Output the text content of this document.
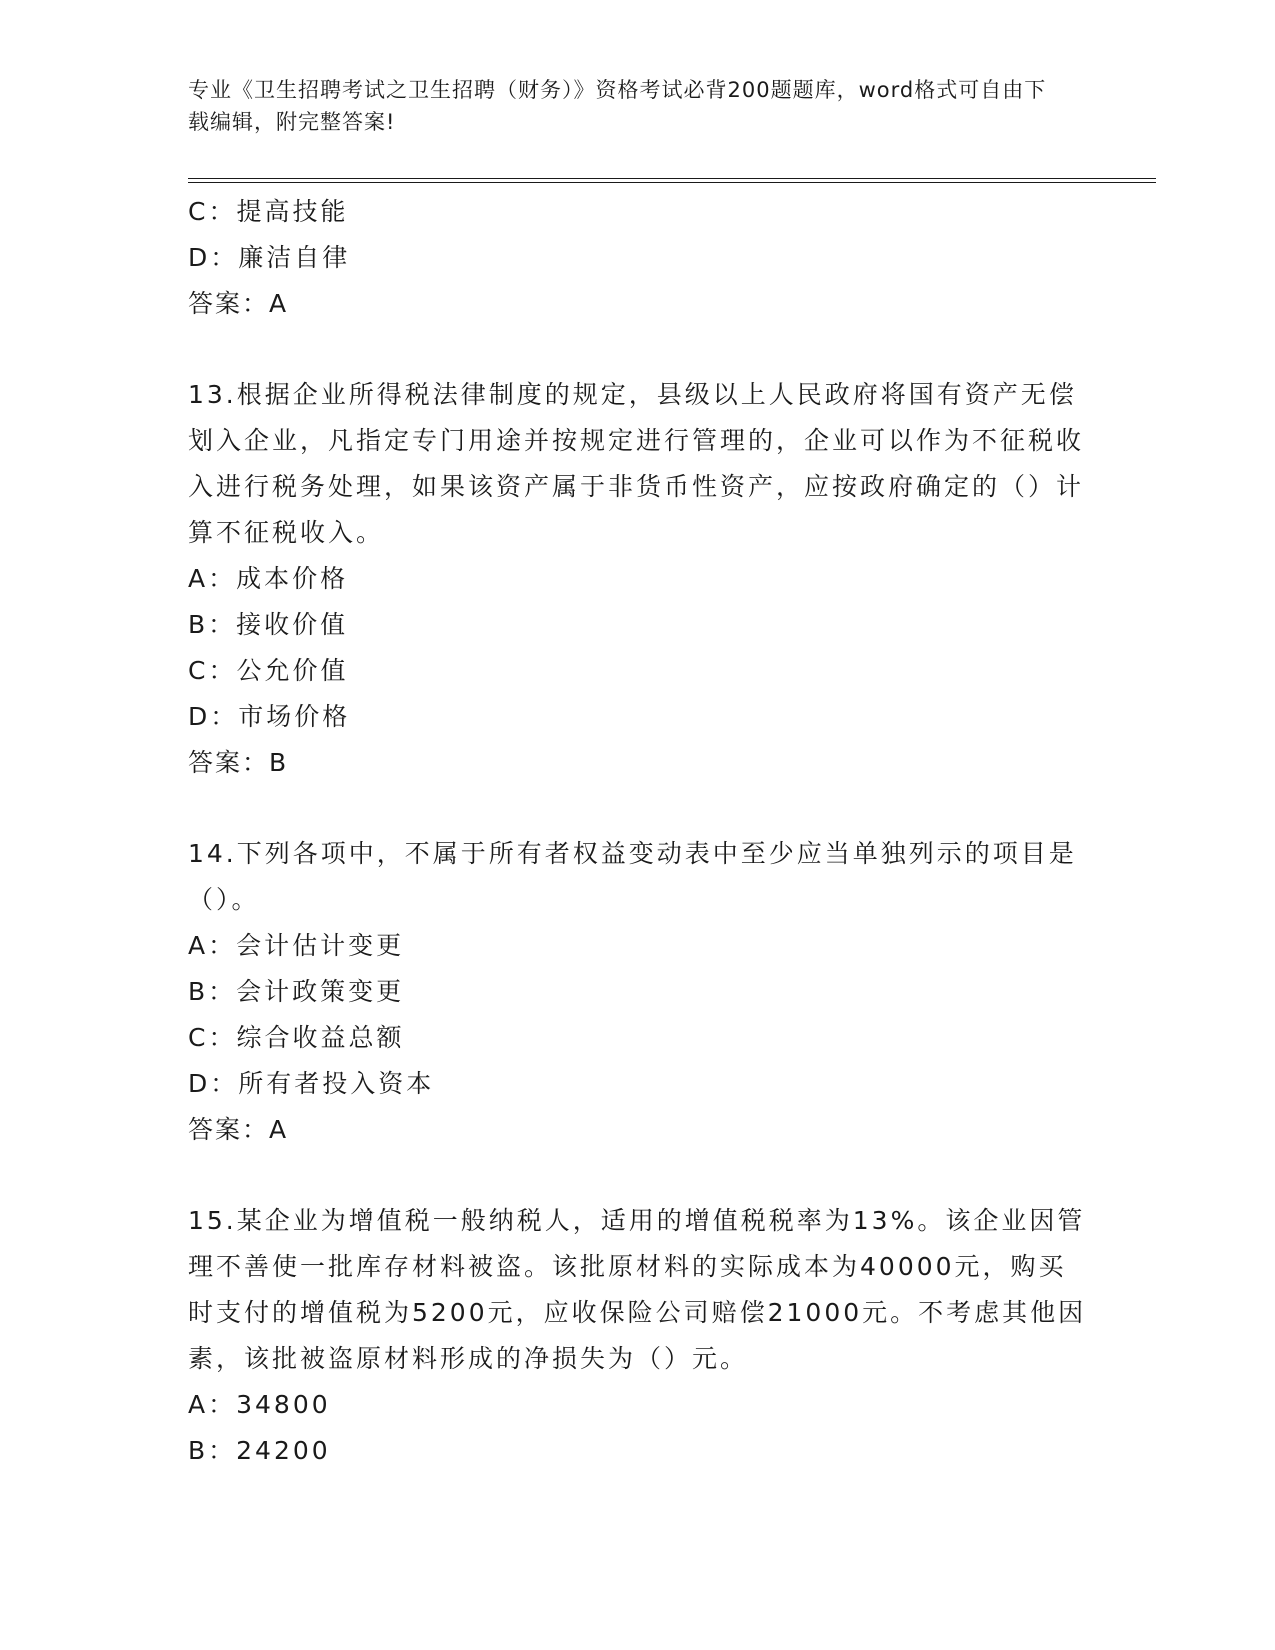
专业《卫生招聘考试之卫生招聘（财务）》资格考试必背200题题库，word格式可自由下载编辑，附完整答案!
C：提高技能
D：廉洁自律
答案：A
13.根据企业所得税法律制度的规定，县级以上人民政府将国有资产无偿划入企业，凡指定专门用途并按规定进行管理的，企业可以作为不征税收入进行税务处理，如果该资产属于非货币性资产，应按政府确定的（）计算不征税收入。
A：成本价格
B：接收价值
C：公允价值
D：市场价格
答案：B
14.下列各项中，不属于所有者权益变动表中至少应当单独列示的项目是（）。
A：会计估计变更
B：会计政策变更
C：综合收益总额
D：所有者投入资本
答案：A
15.某企业为增值税一般纳税人，适用的增值税税率为13%。该企业因管理不善使一批库存材料被盗。该批原材料的实际成本为40000元，购买时支付的增值税为5200元，应收保险公司赔偿21000元。不考虑其他因素，该批被盗原材料形成的净损失为（）元。
A：34800
B：24200
